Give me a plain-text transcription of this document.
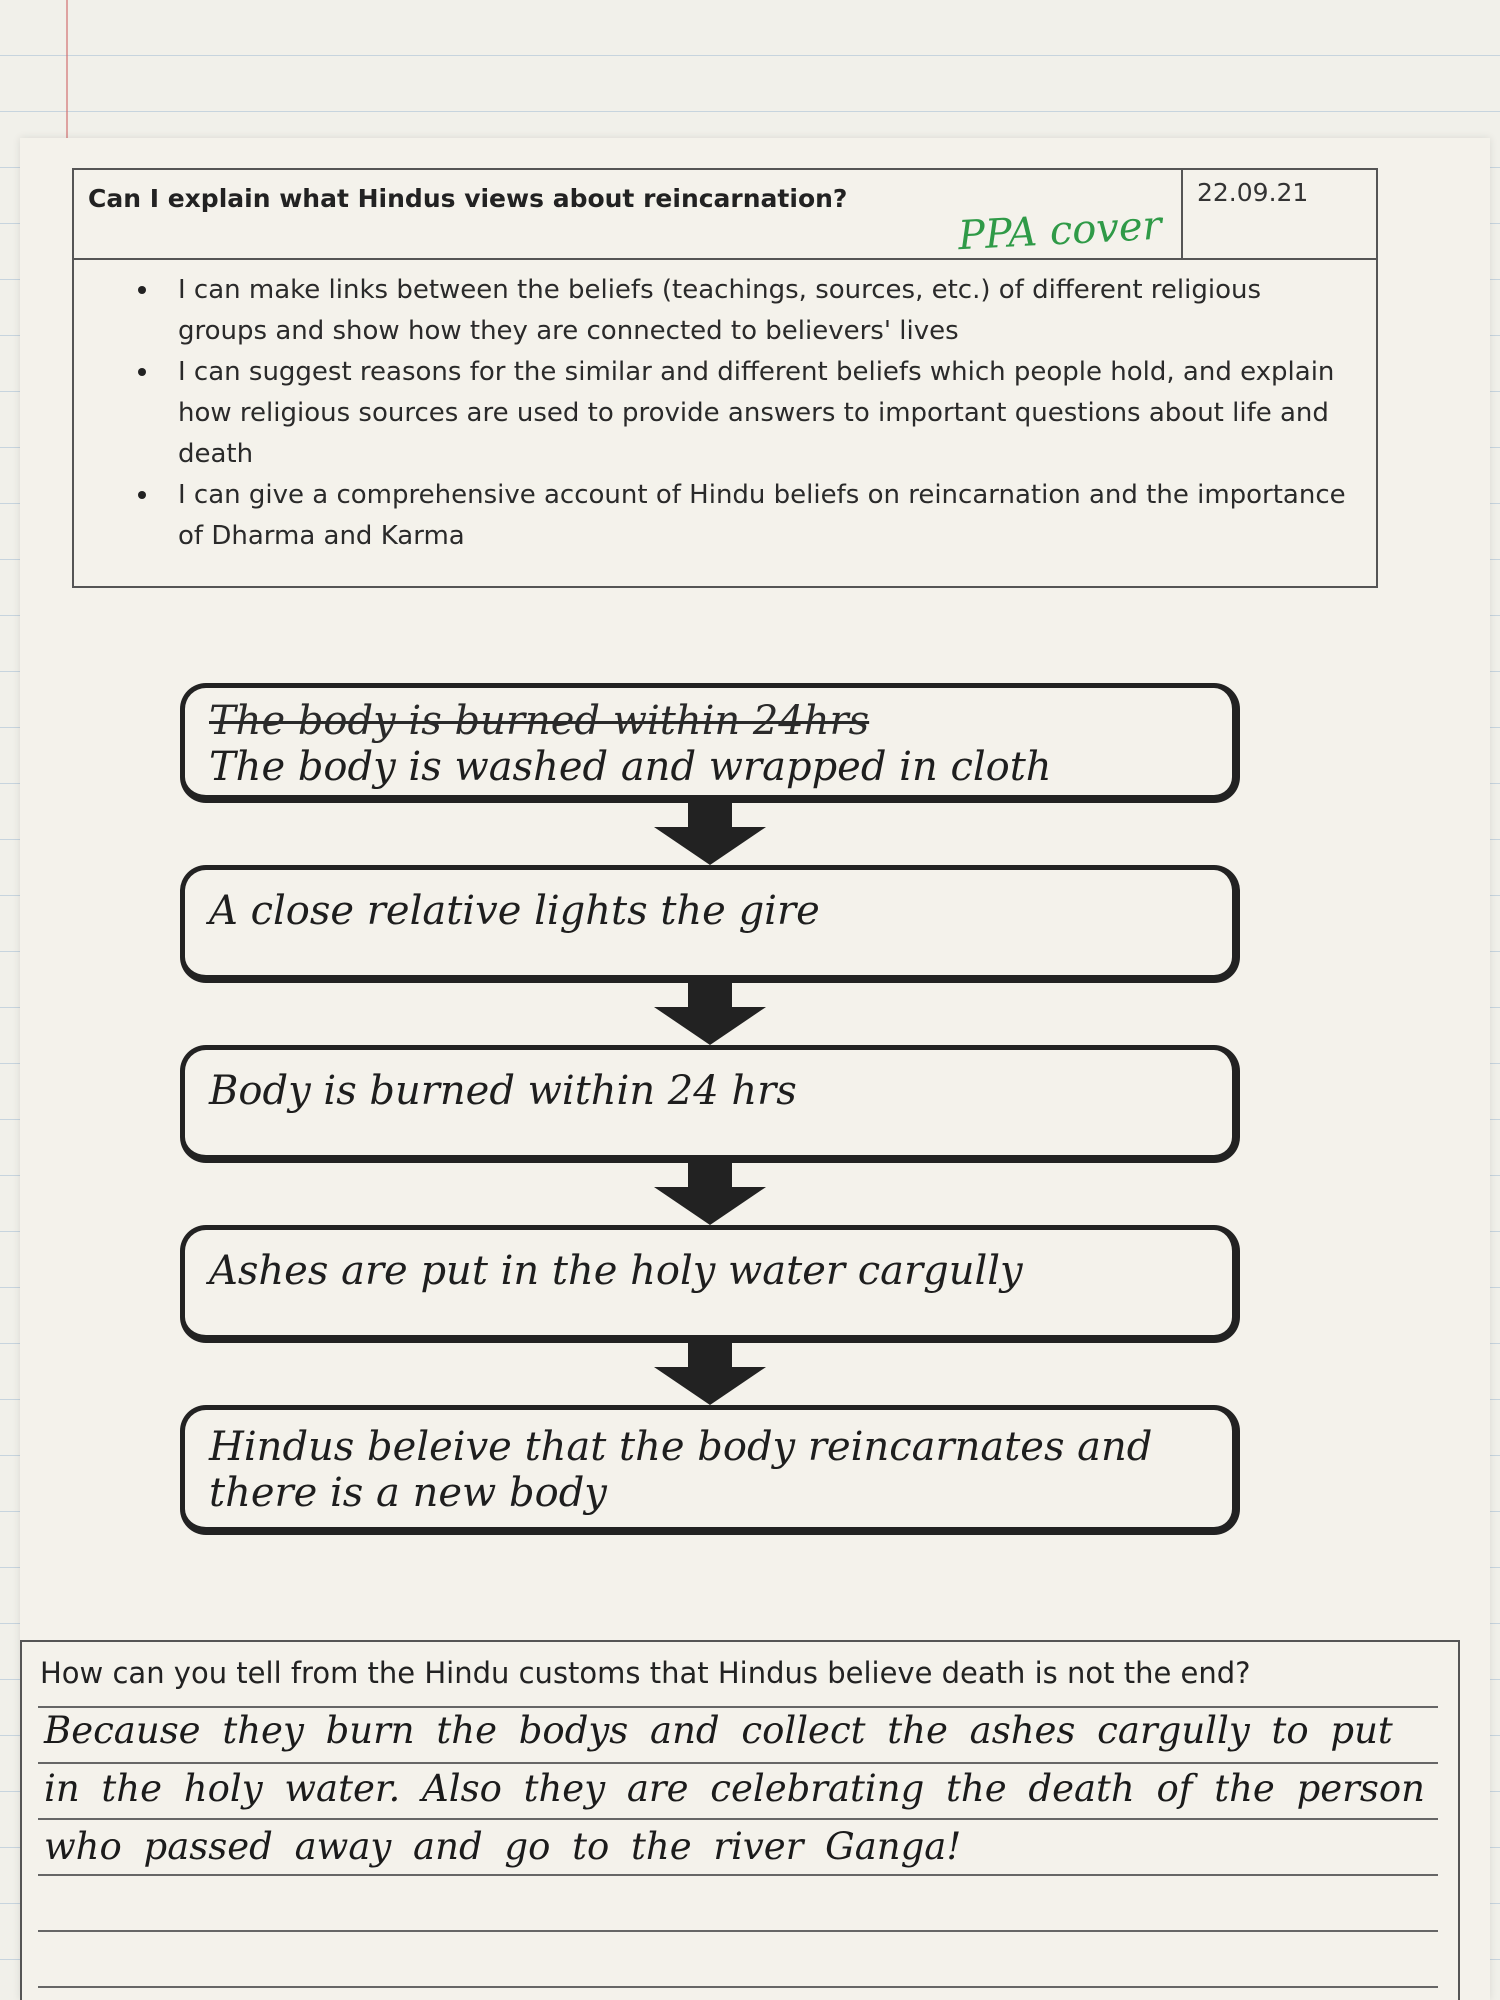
Can I explain what Hindus views about reincarnation?
PPA cover
22.09.21
I can make links between the beliefs (teachings, sources, etc.) of different religious groups and show how they are connected to believers' lives
I can suggest reasons for the similar and different beliefs which people hold, and explain how religious sources are used to provide answers to important questions about life and death
I can give a comprehensive account of Hindu beliefs on reincarnation and the importance of Dharma and Karma
The body is burned within 24hrs
The body is washed and wrapped in cloth
A close relative lights the gire
Body is burned within 24 hrs
Ashes are put in the holy water cargully
Hindus beleive that the body reincarnates and there is a new body
How can you tell from the Hindu customs that Hindus believe death is not the end?
Because they burn the bodys and collect the ashes cargully to put in the holy water. Also they are celebrating the death of the person who passed away and go to the river Ganga!
